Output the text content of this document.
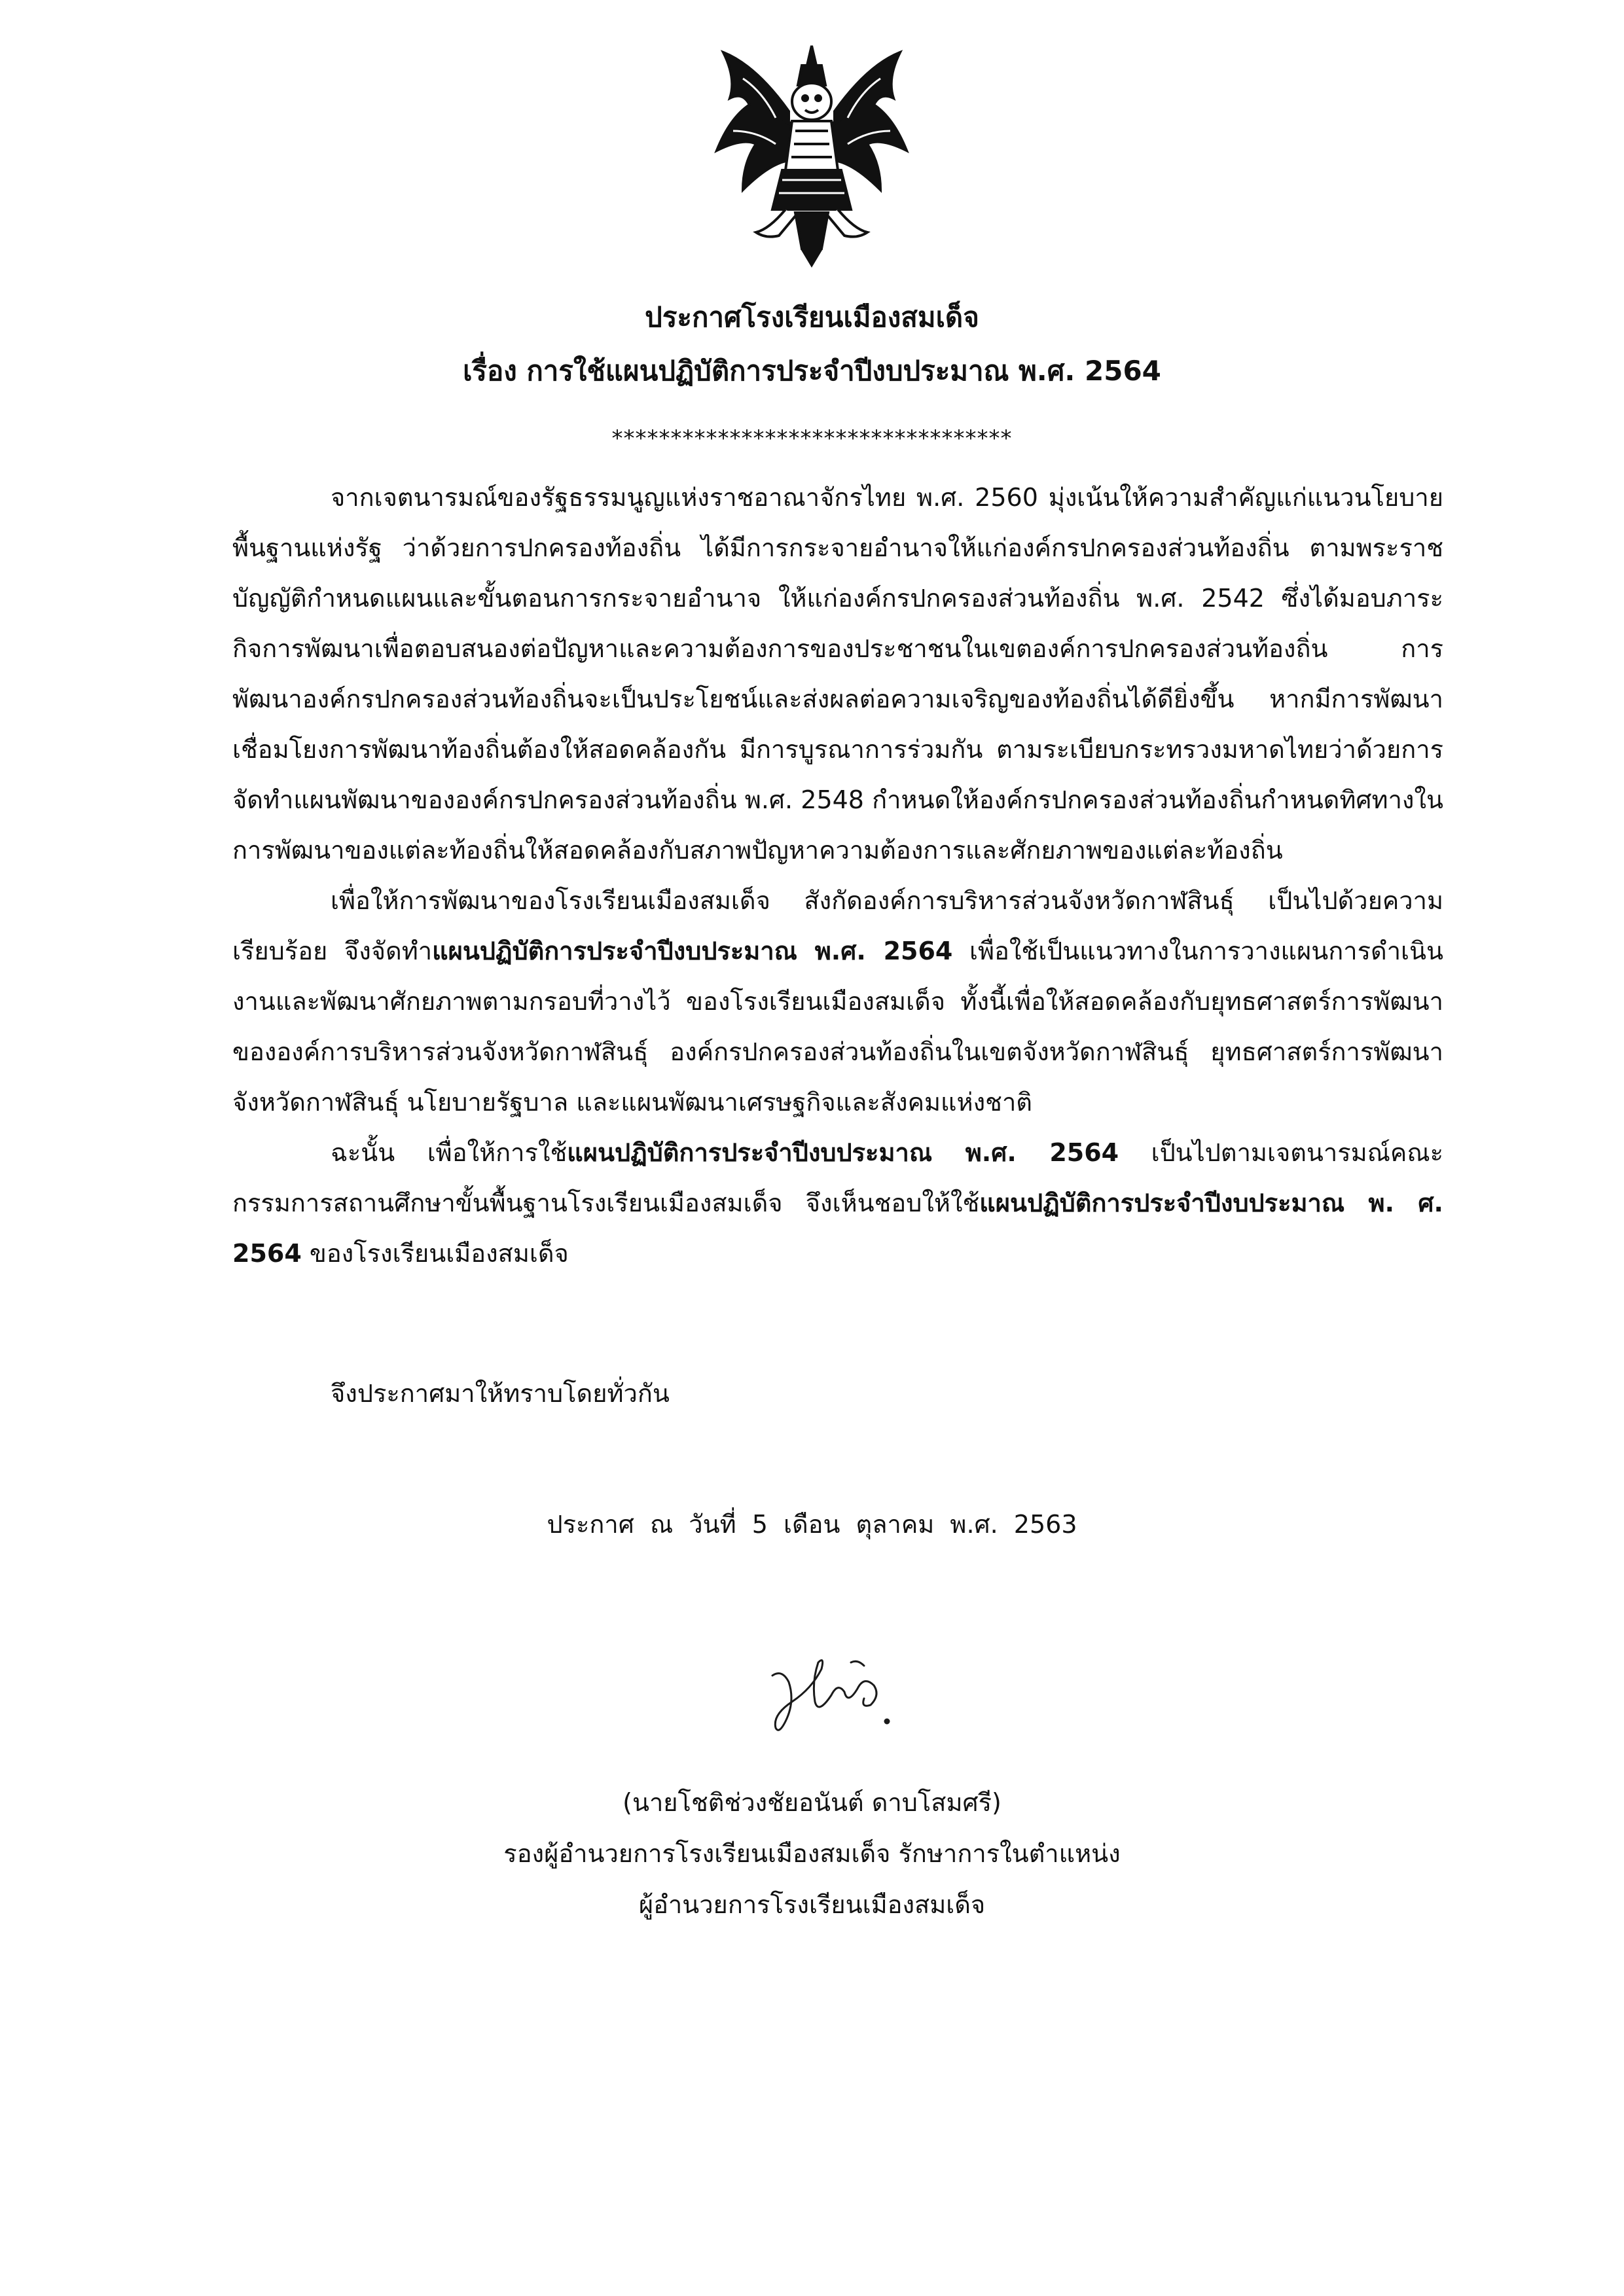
ประกาศโรงเรียนเมืองสมเด็จ
เรื่อง การใช้แผนปฏิบัติการประจำปีงบประมาณ พ.ศ. 2564
**********************************

จากเจตนารมณ์ของรัฐธรรมนูญแห่งราชอาณาจักรไทย พ.ศ. 2560 มุ่งเน้นให้ความสำคัญแก่แนวนโยบายพื้นฐานแห่งรัฐ ว่าด้วยการปกครองท้องถิ่น ได้มีการกระจายอำนาจให้แก่องค์กรปกครองส่วนท้องถิ่น ตามพระราชบัญญัติกำหนดแผนและขั้นตอนการกระจายอำนาจ ให้แก่องค์กรปกครองส่วนท้องถิ่น พ.ศ. 2542 ซึ่งได้มอบภาระกิจการพัฒนาเพื่อตอบสนองต่อปัญหาและความต้องการของประชาชนในเขตองค์การปกครองส่วนท้องถิ่น การพัฒนาองค์กรปกครองส่วนท้องถิ่นจะเป็นประโยชน์และส่งผลต่อความเจริญของท้องถิ่นได้ดียิ่งขึ้น หากมีการพัฒนาเชื่อมโยงการพัฒนาท้องถิ่นต้องให้สอดคล้องกัน มีการบูรณาการร่วมกัน ตามระเบียบกระทรวงมหาดไทยว่าด้วยการจัดทำแผนพัฒนาขององค์กรปกครองส่วนท้องถิ่น พ.ศ. 2548 กำหนดให้องค์กรปกครองส่วนท้องถิ่นกำหนดทิศทางในการพัฒนาของแต่ละท้องถิ่นให้สอดคล้องกับสภาพปัญหาความต้องการและศักยภาพของแต่ละท้องถิ่น

เพื่อให้การพัฒนาของโรงเรียนเมืองสมเด็จ สังกัดองค์การบริหารส่วนจังหวัดกาฬสินธุ์ เป็นไปด้วยความเรียบร้อย จึงจัดทำแผนปฏิบัติการประจำปีงบประมาณ พ.ศ. 2564 เพื่อใช้เป็นแนวทางในการวางแผนการดำเนินงานและพัฒนาศักยภาพตามกรอบที่วางไว้ ของโรงเรียนเมืองสมเด็จ ทั้งนี้เพื่อให้สอดคล้องกับยุทธศาสตร์การพัฒนาขององค์การบริหารส่วนจังหวัดกาฬสินธุ์ องค์กรปกครองส่วนท้องถิ่นในเขตจังหวัดกาฬสินธุ์ ยุทธศาสตร์การพัฒนาจังหวัดกาฬสินธุ์ นโยบายรัฐบาล และแผนพัฒนาเศรษฐกิจและสังคมแห่งชาติ

ฉะนั้น เพื่อให้การใช้แผนปฏิบัติการประจำปีงบประมาณ พ.ศ. 2564 เป็นไปตามเจตนารมณ์คณะกรรมการสถานศึกษาขั้นพื้นฐานโรงเรียนเมืองสมเด็จ จึงเห็นชอบให้ใช้แผนปฏิบัติการประจำปีงบประมาณ พ. ศ. 2564 ของโรงเรียนเมืองสมเด็จ

จึงประกาศมาให้ทราบโดยทั่วกัน
ประกาศ ณ วันที่ 5 เดือน ตุลาคม พ.ศ. 2563
(นายโชติช่วงชัยอนันต์ ดาบโสมศรี)
รองผู้อำนวยการโรงเรียนเมืองสมเด็จ รักษาการในตำแหน่ง
ผู้อำนวยการโรงเรียนเมืองสมเด็จ
